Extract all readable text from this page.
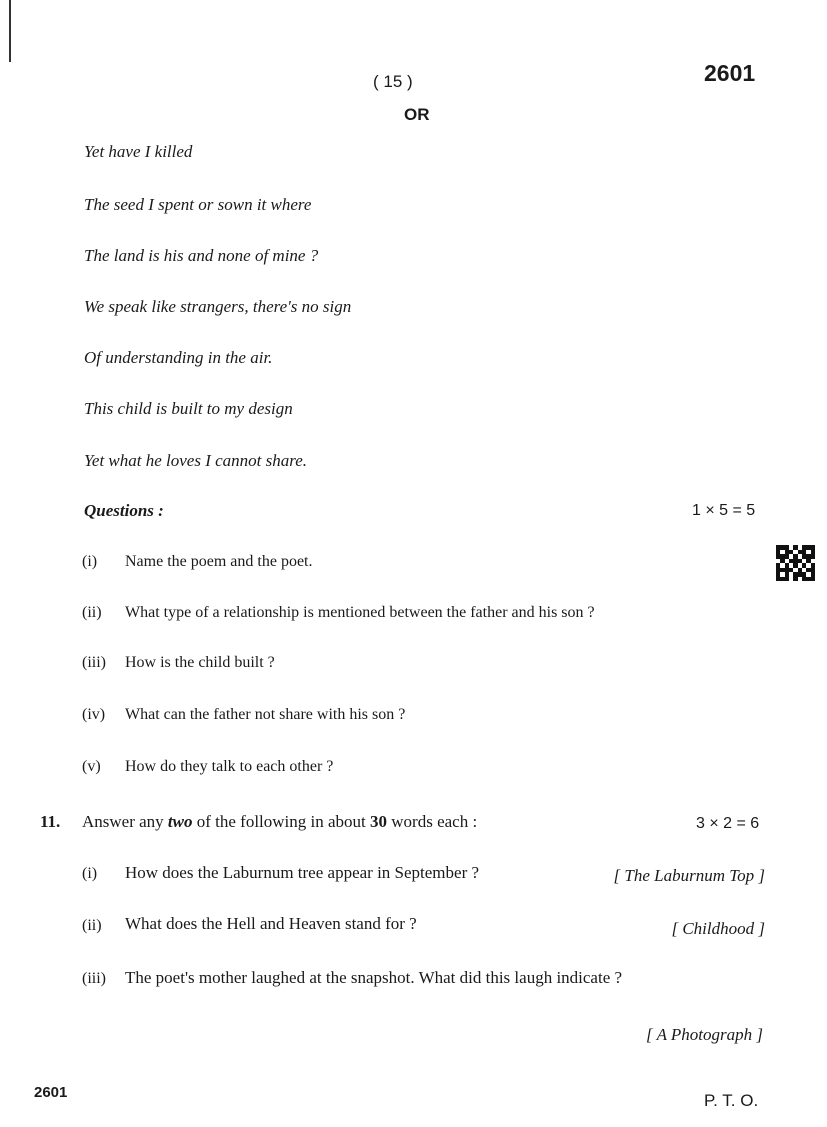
( 15 )	2601
OR
Yet have I killed
The seed I spent or sown it where
The land is his and none of mine ?
We speak like strangers, there's no sign
Of understanding in the air.
This child is built to my design
Yet what he loves I cannot share.
Questions :	1 × 5 = 5
(i) Name the poem and the poet.
(ii) What type of a relationship is mentioned between the father and his son ?
(iii) How is the child built ?
(iv) What can the father not share with his son ?
(v) How do they talk to each other ?
11. Answer any two of the following in about 30 words each :	3 × 2 = 6
(i) How does the Laburnum tree appear in September ?	[ The Laburnum Top ]
(ii) What does the Hell and Heaven stand for ?	[ Childhood ]
(iii) The poet's mother laughed at the snapshot. What did this laugh indicate ?
[ A Photograph ]
2601	P. T. O.
